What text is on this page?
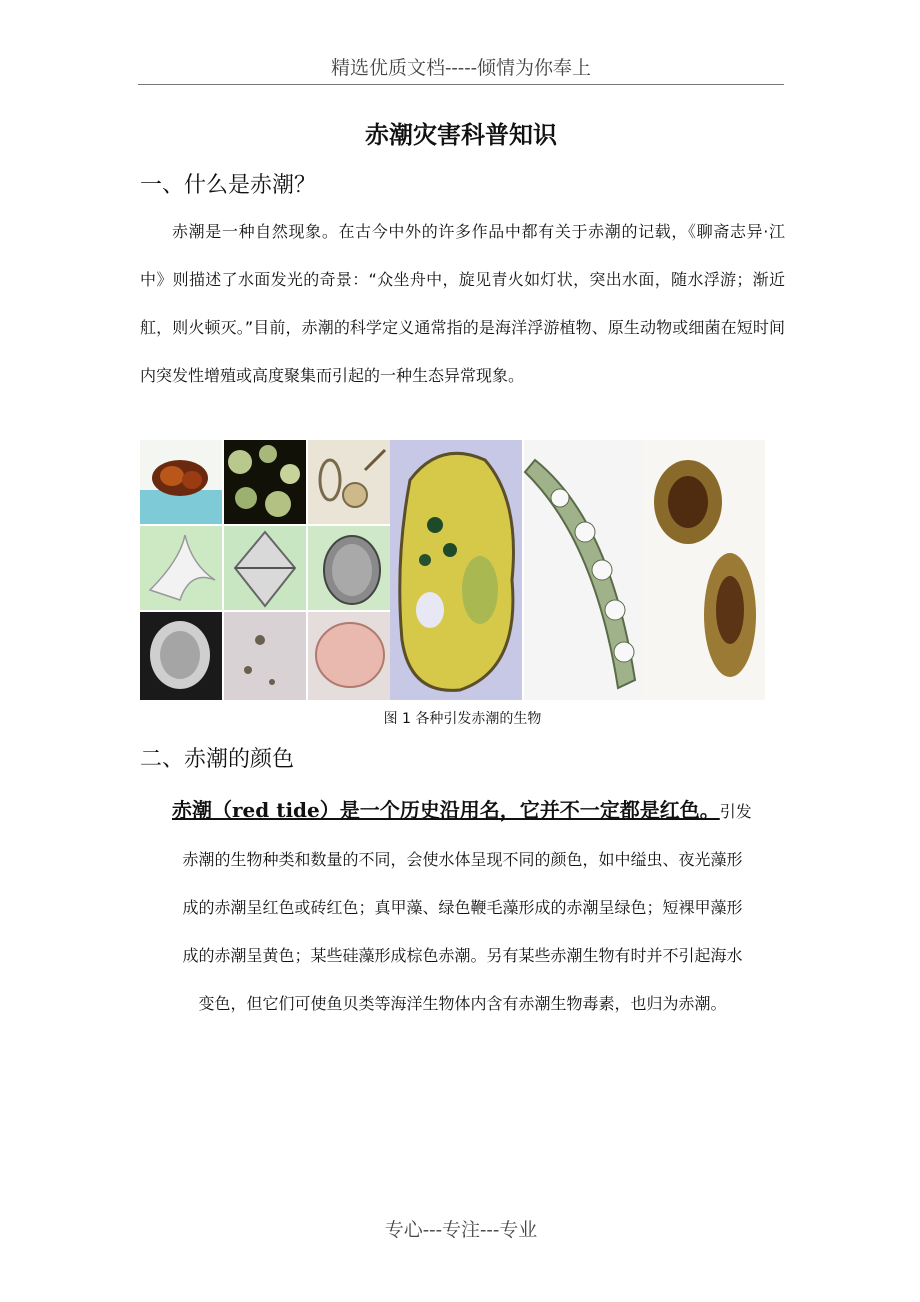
精选优质文档-----倾情为你奉上
赤潮灾害科普知识
一、什么是赤潮？

赤潮是一种自然现象。在古今中外的许多作品中都有关于赤潮的记载，《聊斋志异·江中》则描述了水面发光的奇景：“众坐舟中，旋见青火如灯状，突出水面，随水浮游；渐近舡，则火顿灭。”目前，赤潮的科学定义通常指的是海洋浮游植物、原生动物或细菌在短时间内突发性增殖或高度聚集而引起的一种生态异常现象。

图 1 各种引发赤潮的生物
二、赤潮的颜色

赤潮（red tide）是一个历史沿用名，它并不一定都是红色。引发

赤潮的生物种类和数量的不同，会使水体呈现不同的颜色，如中缢虫、夜光藻形

成的赤潮呈红色或砖红色；真甲藻、绿色鞭毛藻形成的赤潮呈绿色；短裸甲藻形

成的赤潮呈黄色；某些硅藻形成棕色赤潮。另有某些赤潮生物有时并不引起海水

变色，但它们可使鱼贝类等海洋生物体内含有赤潮生物毒素，也归为赤潮。

专心---专注---专业
